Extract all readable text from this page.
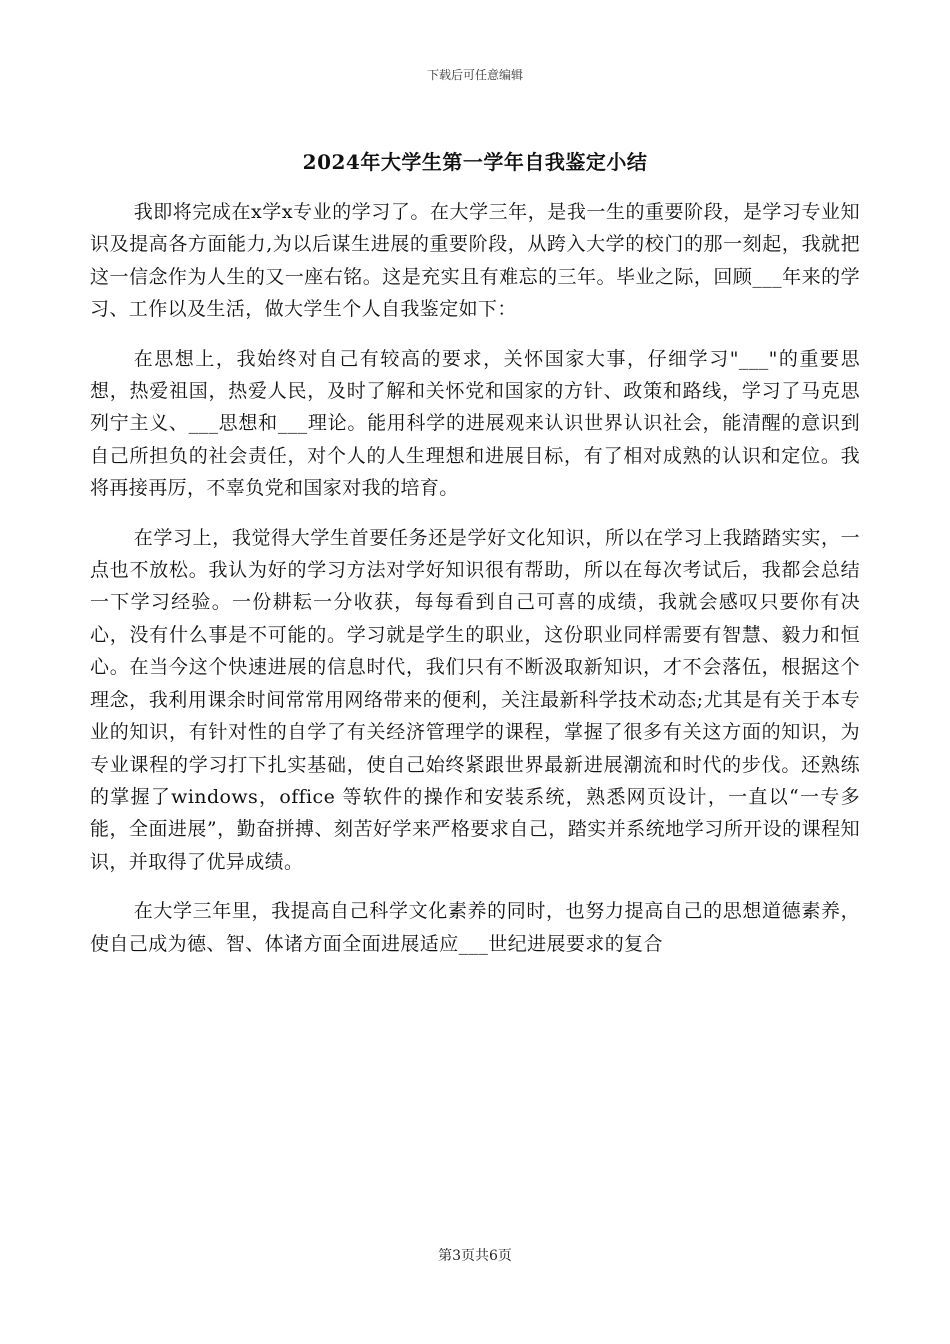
下载后可任意编辑
2024年大学生第一学年自我鉴定小结

我即将完成在x学x专业的学习了。在大学三年，是我一生的重要阶段，是学习专业知识及提高各方面能力,为以后谋生进展的重要阶段，从跨入大学的校门的那一刻起，我就把这一信念作为人生的又一座右铭。这是充实且有难忘的三年。毕业之际，回顾___年来的学习、工作以及生活，做大学生个人自我鉴定如下：

在思想上，我始终对自己有较高的要求，关怀国家大事，仔细学习"___"的重要思想，热爱祖国，热爱人民，及时了解和关怀党和国家的方针、政策和路线，学习了马克思列宁主义、___思想和___理论。能用科学的进展观来认识世界认识社会，能清醒的意识到自己所担负的社会责任，对个人的人生理想和进展目标，有了相对成熟的认识和定位。我将再接再厉，不辜负党和国家对我的培育。

在学习上，我觉得大学生首要任务还是学好文化知识，所以在学习上我踏踏实实，一点也不放松。我认为好的学习方法对学好知识很有帮助，所以在每次考试后，我都会总结一下学习经验。一份耕耘一分收获，每每看到自己可喜的成绩，我就会感叹只要你有决心，没有什么事是不可能的。学习就是学生的职业，这份职业同样需要有智慧、毅力和恒心。在当今这个快速进展的信息时代，我们只有不断汲取新知识，才不会落伍，根据这个理念，我利用课余时间常常用网络带来的便利，关注最新科学技术动态;尤其是有关于本专业的知识，有针对性的自学了有关经济管理学的课程，掌握了很多有关这方面的知识，为专业课程的学习打下扎实基础，使自己始终紧跟世界最新进展潮流和时代的步伐。还熟练的掌握了windows，office 等软件的操作和安装系统，熟悉网页设计，一直以“一专多能，全面进展”，勤奋拼搏、刻苦好学来严格要求自己，踏实并系统地学习所开设的课程知识，并取得了优异成绩。

在大学三年里，我提高自己科学文化素养的同时，也努力提高自己的思想道德素养，使自己成为德、智、体诸方面全面进展适应___世纪进展要求的复合

第3页共6页
